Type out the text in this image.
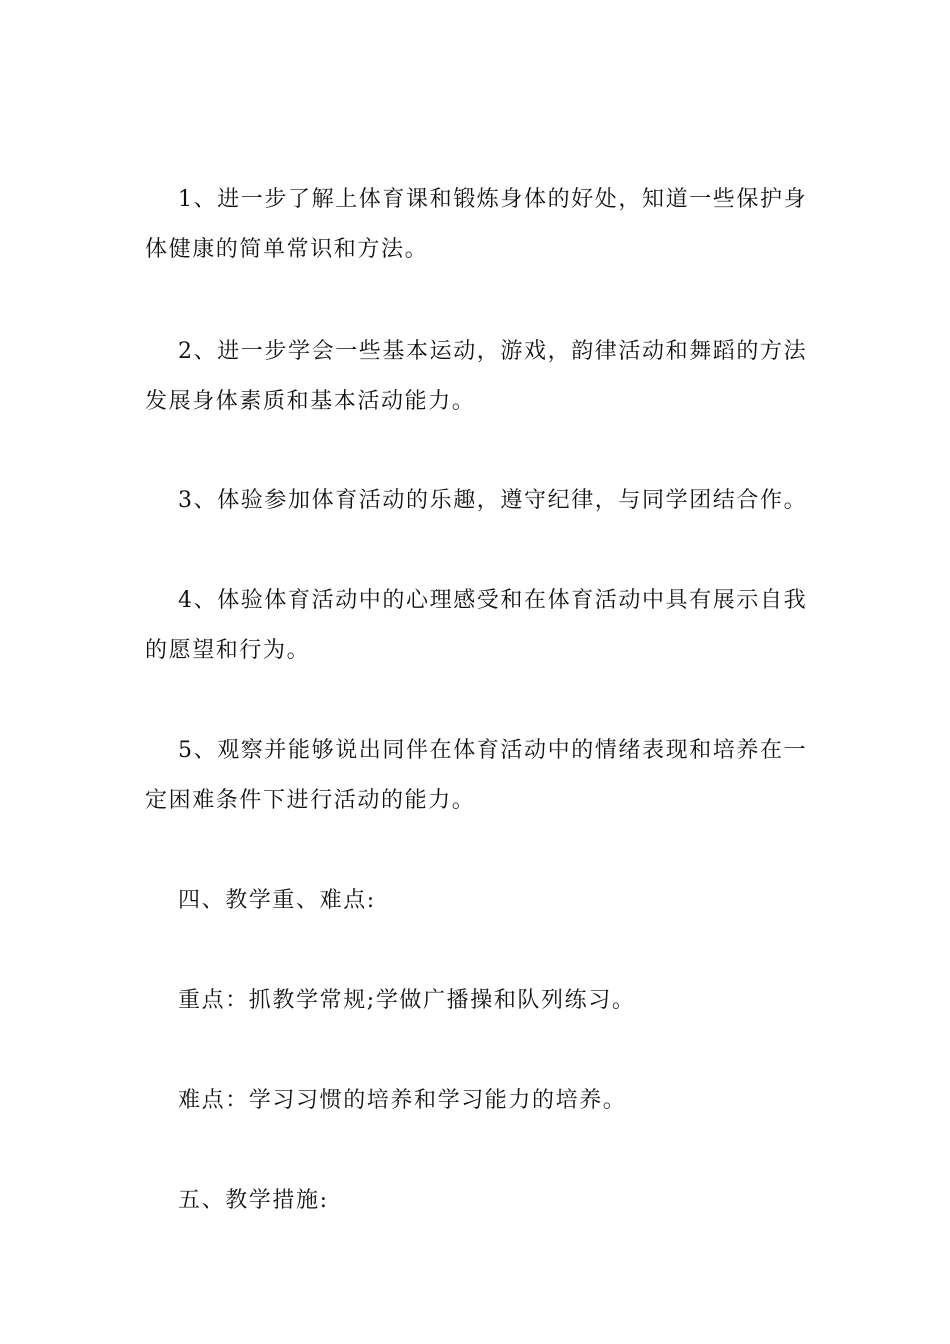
1、进一步了解上体育课和锻炼身体的好处，知道一些保护身体健康的简单常识和方法。

2、进一步学会一些基本运动，游戏，韵律活动和舞蹈的方法发展身体素质和基本活动能力。

3、体验参加体育活动的乐趣，遵守纪律，与同学团结合作。

4、体验体育活动中的心理感受和在体育活动中具有展示自我的愿望和行为。

5、观察并能够说出同伴在体育活动中的情绪表现和培养在一定困难条件下进行活动的能力。

四、教学重、难点:

重点：抓教学常规;学做广播操和队列练习。

难点：学习习惯的培养和学习能力的培养。

五、教学措施:
